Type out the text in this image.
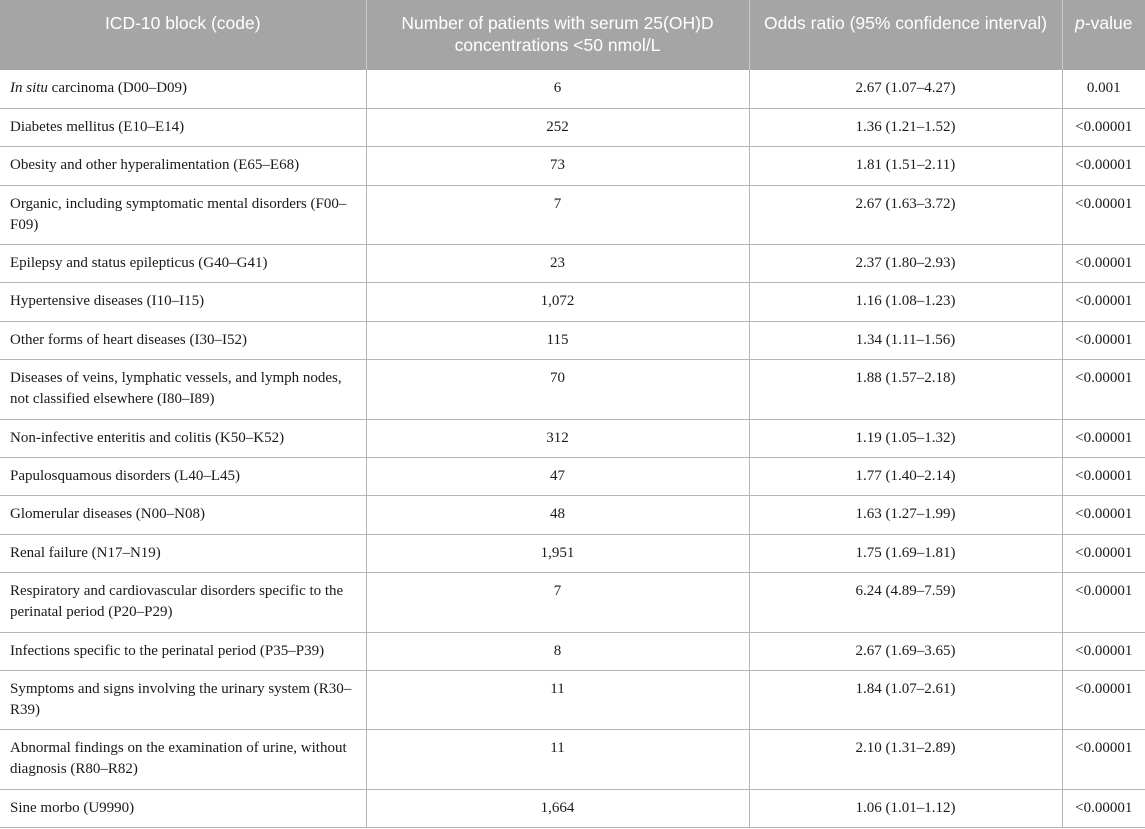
ICD-10 block (code)	Number of patients with serum 25(OH)D concentrations <50 nmol/L	Odds ratio (95% confidence interval)	p-value
In situ carcinoma (D00–D09)	6	2.67 (1.07–4.27)	0.001
Diabetes mellitus (E10–E14)	252	1.36 (1.21–1.52)	<0.00001
Obesity and other hyperalimentation (E65–E68)	73	1.81 (1.51–2.11)	<0.00001
Organic, including symptomatic mental disorders (F00–F09)	7	2.67 (1.63–3.72)	<0.00001
Epilepsy and status epilepticus (G40–G41)	23	2.37 (1.80–2.93)	<0.00001
Hypertensive diseases (I10–I15)	1,072	1.16 (1.08–1.23)	<0.00001
Other forms of heart diseases (I30–I52)	115	1.34 (1.11–1.56)	<0.00001
Diseases of veins, lymphatic vessels, and lymph nodes, not classified elsewhere (I80–I89)	70	1.88 (1.57–2.18)	<0.00001
Non-infective enteritis and colitis (K50–K52)	312	1.19 (1.05–1.32)	<0.00001
Papulosquamous disorders (L40–L45)	47	1.77 (1.40–2.14)	<0.00001
Glomerular diseases (N00–N08)	48	1.63 (1.27–1.99)	<0.00001
Renal failure (N17–N19)	1,951	1.75 (1.69–1.81)	<0.00001
Respiratory and cardiovascular disorders specific to the perinatal period (P20–P29)	7	6.24 (4.89–7.59)	<0.00001
Infections specific to the perinatal period (P35–P39)	8	2.67 (1.69–3.65)	<0.00001
Symptoms and signs involving the urinary system (R30–R39)	11	1.84 (1.07–2.61)	<0.00001
Abnormal findings on the examination of urine, without diagnosis (R80–R82)	11	2.10 (1.31–2.89)	<0.00001
Sine morbo (U9990)	1,664	1.06 (1.01–1.12)	<0.00001
